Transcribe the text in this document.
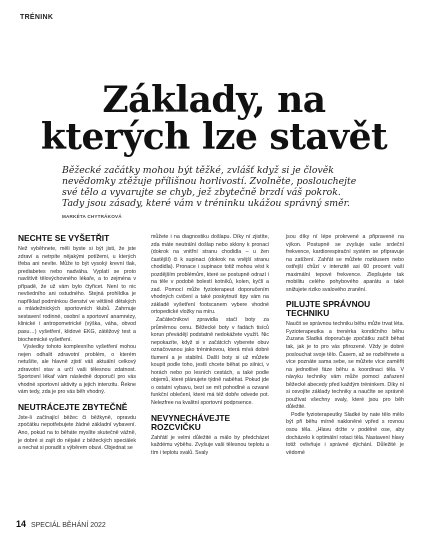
TRÉNINK
Základy, na
kterých lze stavět

Běžecké začátky mohou být těžké, zvlášť když si je člověk nevědomky ztěžuje přílišnou horlivostí. Zvolněte, poslouchejte své tělo a vyvarujte se chyb, jež zbytečně brzdí váš pokrok. Tady jsou zásady, které vám v tréninku ukážou správný směr.

MARKÉTA CHYTRÁKOVÁ
NECHTE SE VYŠETŘIT

Než vyběhnete, měli byste si být jisti, že jste zdraví a netrpíte nějakými potížemi, u kterých třeba ani nevíte. Může to být vysoký krevní tlak, prediabetes nebo nadváha. Vyplatí se proto navštívit tělovýchovného lékaře, a to zejména v případě, že už vám bylo čtyřicet. Není to nic nevšedního ani ostudného. Stejná prohlídka je například podmínkou členství ve většině dětských a mládežnických sportovních klubů. Zahrnuje sestavení rodinné, osobní a sportovní anamnézy, klinické i antropometrické (výška, váha, obvod pasu…) vyšetření, klidové EKG, zátěžový test a biochemické vyšetření.

Výsledky tohoto komplexního vyšetření mohou nejen odhalit zdravotní problém, o kterém netušíte, ale hlavně zjistí váš aktuální celkový zdravotní stav a určí vaši tělesnou zdatnost. Sportovní lékař vám následně doporučí pro vás vhodné sportovní aktivity a jejich intenzitu. Řekne vám tedy, zda je pro vás běh vhodný.

NEUTRÁCEJTE ZBYTEČNĚ

Jste-li začínající běžec či běžkyně, opravdu zpočátku nepotřebujete žádné základní vybavení. Ano, pokud na to běháte myslíte skutečně vážně, je dobré si zajít do nějaké z běžeckých speciálek a nechat si poradit s výběrem obuvi. Objednat se

můžete i na diagnostiku došlapu. Díky ní zjistíte, zda máte neutrální došlap nebo sklony k pronaci (dokrok na vnitřní stranu chodidla – u žen častější) či k supinaci (dokrok na vnější stranu chodidla). Pronace i supinace totiž mohou vést k pozdějším problémům, které se postupně odrazí i na těle v podobě bolestí kotníků, kolen, kyčlí a zad. Pomocí může fyzioterapeut doporučením vhodných cvičení a také poskytnutí tipy vám na základě vyšetření footscanem vybere vhodné ortopedické vložky na míru.

Začátečníkovi zpravidla stačí boty za průměrnou cenu. Běžecké boty v řadách tisíců korun převádějí podstatně nedokážete využít. Nic nepokazíte, když si v začátcích vyberete obuv označovanou jako tréninkovou, která mívá dobré tlumení a je stabilní. Další boty si už můžete koupit podle toho, jestli chcete běhat po silnici, v horách nebo po lesních cestách, a také podle objemů, které plánujete týdně naběhat. Pokud jde o ostatní vybavu, bezí se mít pohodlné a ozvané funkční oblečení, které má též dobře odvede pot. Nelezfree na kvalitní sportovní podprsence.

NEVYNECHÁVEJTE ROZCVIČKU

Zahřátí je velmi důležité a málo by předcházet každému výběhu. Zvyšuje vaši tělesnou teplotu a tím i teplotu svalů. Svaly

jsou díky ní lépe prokrvené a připravené na výkon. Postupně se zvyšuje vaše srdeční frekvence, kardiorespirační systém se připravuje na zatížení. Zahřát se můžete rozklusem nebo ostřejší chůzí v intenzitě asi 60 procent vaší maximální tepové frekvence. Zlepšujete tak mobilitu celého pohybového aparátu a také snižujete riziko svalového zranění.

PILUJTE SPRÁVNOU TECHNIKU

Naučit se správnou techniku běhu může trvat léta. Fyzioterapeutka a trenérka kondičního běhu Zuzana Sladká doporučuje zpočátku začít běhat tak, jak je to pro vás přirozené. Vždy je dobré poslouchat svoje tělo. Časem, až se rozběhnete a více poznáte sama sebe, se můžete více zaměřit na jednotlivé fáze běhu a koordinaci těla. V návyku techniky vám může pomoci zařazení běžecké abecedy před každým tréninkem. Díky ní si osvojíte základy techniky a naučíte se správně používat všechny svaly, které jsou pro běh důležité.

Podle fyzioterapeutky Sladké by nate tělo mělo být při běhu mírně nakloněné vpřed s rovnou osou těla. „Hlavu držte v podélné ose, aby docházelo k optimální rotaci těla. Nastavení hlavy totiž ovlivňuje i správné dýchání. Důležité je vědomé

14 SPECIÁL BĚHÁNÍ 2022
